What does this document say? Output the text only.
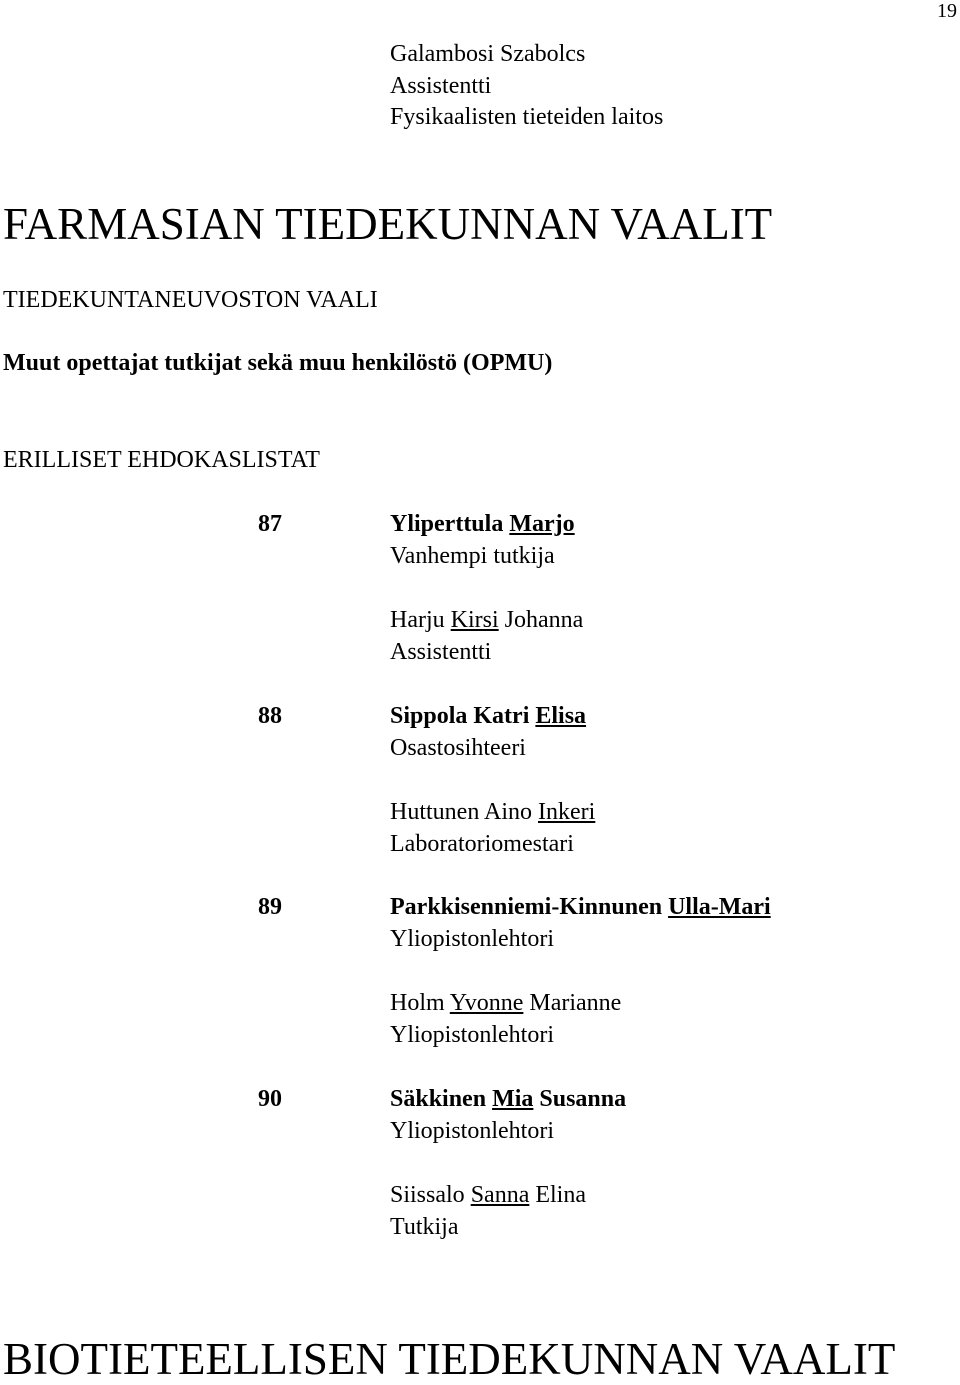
19
Galambosi Szabolcs
Assistentti
Fysikaalisten tieteiden laitos
FARMASIAN TIEDEKUNNAN VAALIT
TIEDEKUNTANEUVOSTON VAALI
Muut opettajat tutkijat sekä muu henkilöstö (OPMU)
ERILLISET EHDOKASLISTAT
87	Yliperttula Marjo
Vanhempi tutkija
Harju Kirsi Johanna
Assistentti
88	Sippola Katri Elisa
Osastosihteeri
Huttunen Aino Inkeri
Laboratoriomestari
89	Parkkisenniemi-Kinnunen Ulla-Mari
Yliopistonlehtori
Holm Yvonne Marianne
Yliopistonlehtori
90	Säkkinen Mia Susanna
Yliopistonlehtori
Siissalo Sanna Elina
Tutkija
BIOTIETEELLISEN TIEDEKUNNAN VAALIT
